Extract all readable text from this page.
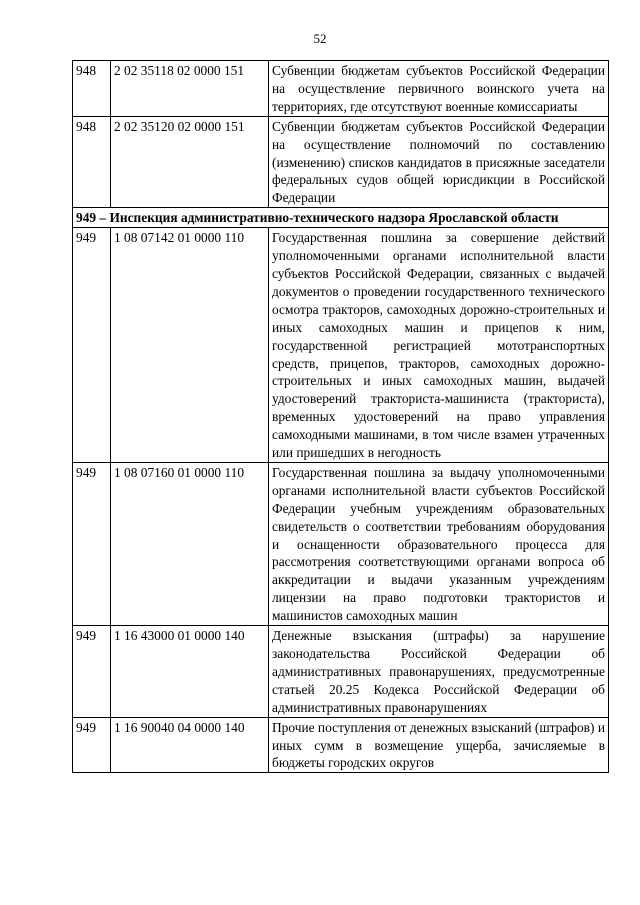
52
948	2 02 35118 02 0000 151	Субвенции бюджетам субъектов Российской Федерации на осуществление первичного воинского учета на территориях, где отсутствуют военные комиссариаты
948	2 02 35120 02 0000 151	Субвенции бюджетам субъектов Российской Федерации на осуществление полномочий по составлению (изменению) списков кандидатов в присяжные заседатели федеральных судов общей юрисдикции в Российской Федерации

949 – Инспекция административно-технического надзора Ярославской области		

949	1 08 07142 01 0000 110	Государственная пошлина за совершение действий уполномоченными органами исполнительной власти субъектов Российской Федерации, связанных с выдачей документов о проведении государственного технического осмотра тракторов, самоходных дорожно-строительных и иных самоходных машин и прицепов к ним, государственной регистрацией мототранспортных средств, прицепов, тракторов, самоходных дорожно-строительных и иных самоходных машин, выдачей удостоверений тракториста-машиниста (тракториста), временных удостоверений на право управления самоходными машинами, в том числе взамен утраченных или пришедших в негодность
949	1 08 07160 01 0000 110	Государственная пошлина за выдачу уполномоченными органами исполнительной власти субъектов Российской Федерации учебным учреждениям образовательных свидетельств о соответствии требованиям оборудования и оснащенности образовательного процесса для рассмотрения соответствующими органами вопроса об аккредитации и выдачи указанным учреждениям лицензии на право подготовки трактористов и машинистов самоходных машин
949	1 16 43000 01 0000 140	Денежные взыскания (штрафы) за нарушение законодательства Российской Федерации об административных правонарушениях, предусмотренные статьей 20.25 Кодекса Российской Федерации об административных правонарушениях
949	1 16 90040 04 0000 140	Прочие поступления от денежных взысканий (штрафов) и иных сумм в возмещение ущерба, зачисляемые в бюджеты городских округов
